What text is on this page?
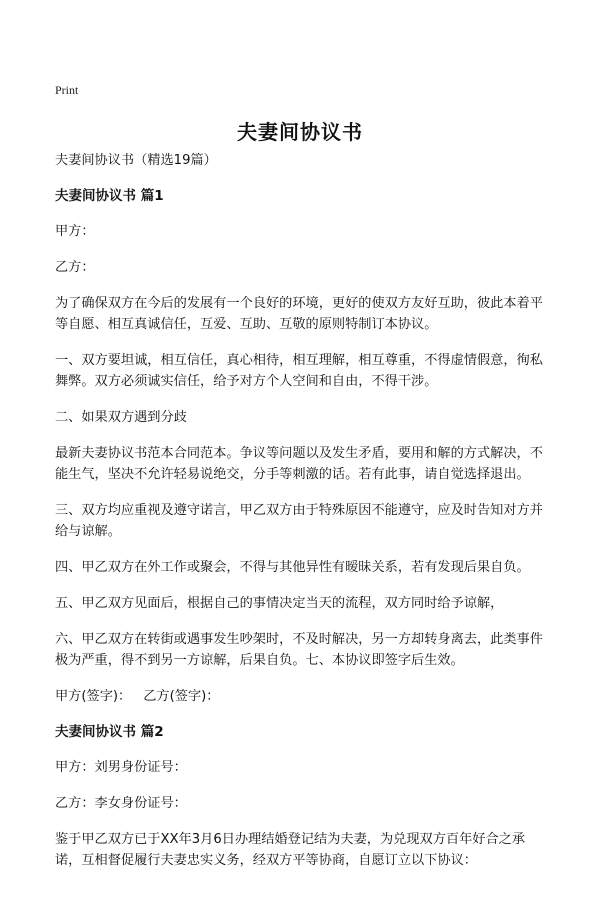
Print
夫妻间协议书

夫妻间协议书（精选19篇）

夫妻间协议书 篇1

甲方：

乙方：

为了确保双方在今后的发展有一个良好的环境，更好的使双方友好互助，彼此本着平等自愿、相互真诚信任，互爱、互助、互敬的原则特制订本协议。

一、双方要坦诚，相互信任，真心相待，相互理解，相互尊重，不得虚情假意，徇私舞弊。双方必须诚实信任，给予对方个人空间和自由，不得干涉。

二、如果双方遇到分歧

最新夫妻协议书范本合同范本。争议等问题以及发生矛盾，要用和解的方式解决，不能生气，坚决不允许轻易说绝交，分手等刺激的话。若有此事，请自觉选择退出。

三、双方均应重视及遵守诺言，甲乙双方由于特殊原因不能遵守，应及时告知对方并给与谅解。

四、甲乙双方在外工作或聚会，不得与其他异性有暧昧关系，若有发现后果自负。

五、甲乙双方见面后，根据自己的事情决定当天的流程，双方同时给予谅解，

六、甲乙双方在转街或遇事发生吵架时，不及时解决，另一方却转身离去，此类事件极为严重，得不到另一方谅解，后果自负。七、本协议即签字后生效。

甲方(签字)： 乙方(签字)：

夫妻间协议书 篇2

甲方：刘男身份证号：

乙方：李女身份证号：

鉴于甲乙双方已于XX年3月6日办理结婚登记结为夫妻，为兑现双方百年好合之承诺，互相督促履行夫妻忠实义务，经双方平等协商，自愿订立以下协议：
